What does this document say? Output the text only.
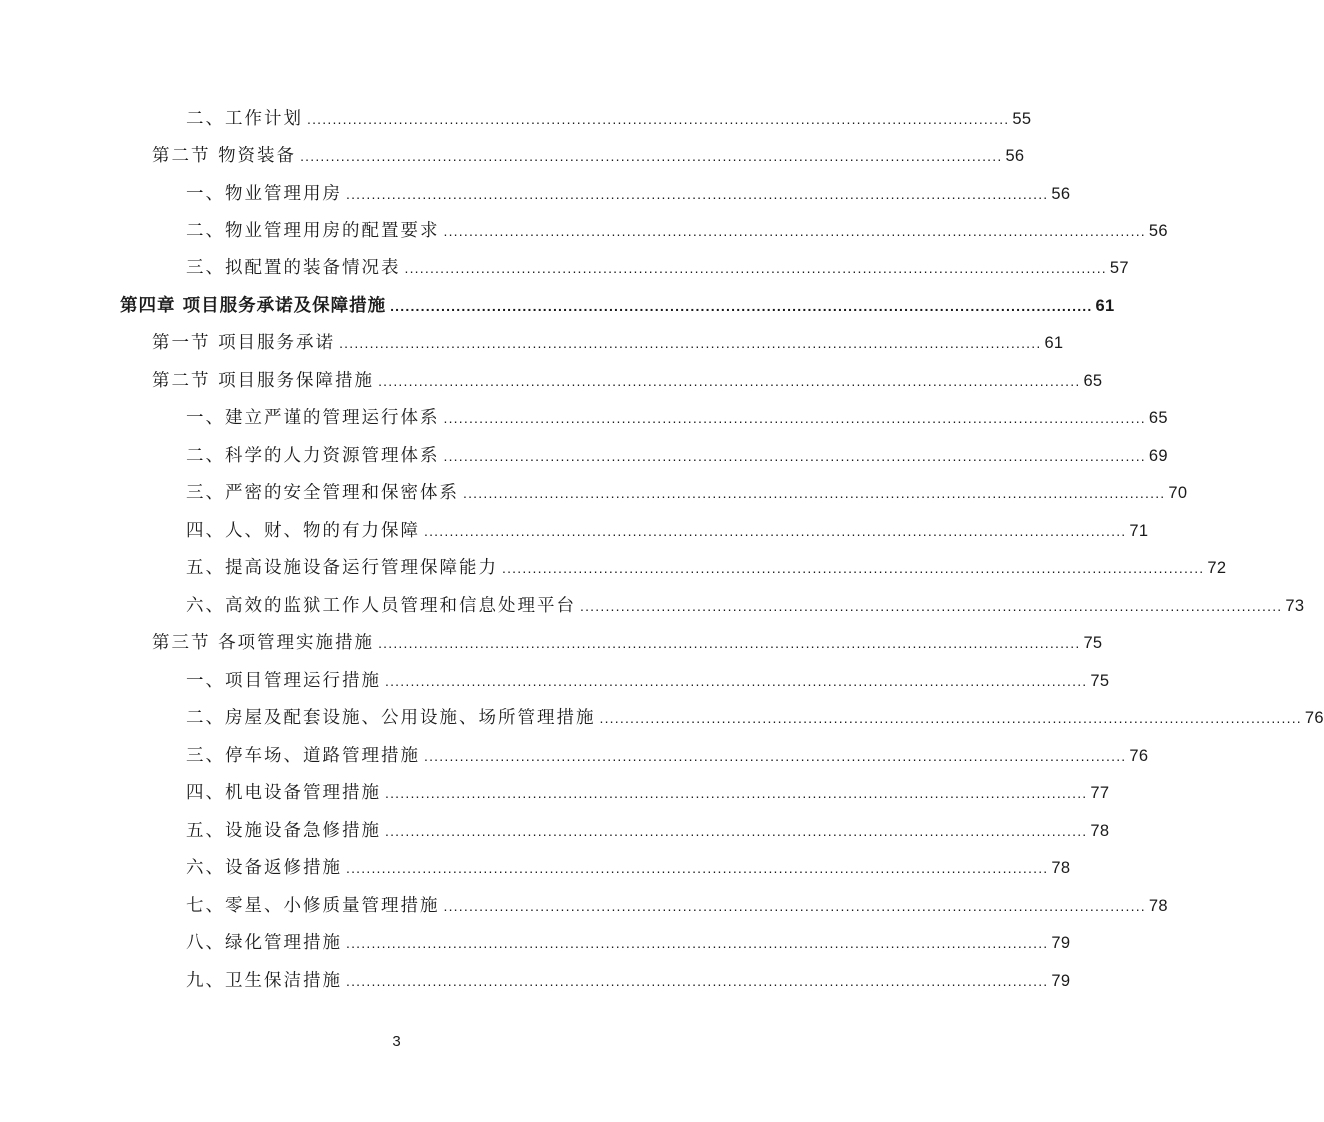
二、工作计划 .......................................................................................................................................... 55
第二节 物资装备 .......................................................................................................................................... 56
一、物业管理用房 .......................................................................................................................................... 56
二、物业管理用房的配置要求 .......................................................................................................................................... 56
三、拟配置的装备情况表 .......................................................................................................................................... 57
第四章 项目服务承诺及保障措施 .......................................................................................................................................... 61
第一节 项目服务承诺 .......................................................................................................................................... 61
第二节 项目服务保障措施 .......................................................................................................................................... 65
一、建立严谨的管理运行体系 .......................................................................................................................................... 65
二、科学的人力资源管理体系 .......................................................................................................................................... 69
三、严密的安全管理和保密体系 .......................................................................................................................................... 70
四、人、财、物的有力保障 .......................................................................................................................................... 71
五、提高设施设备运行管理保障能力 .......................................................................................................................................... 72
六、高效的监狱工作人员管理和信息处理平台 .......................................................................................................................................... 73
第三节 各项管理实施措施 .......................................................................................................................................... 75
一、项目管理运行措施 .......................................................................................................................................... 75
二、房屋及配套设施、公用设施、场所管理措施 .......................................................................................................................................... 76
三、停车场、道路管理措施 .......................................................................................................................................... 76
四、机电设备管理措施 .......................................................................................................................................... 77
五、设施设备急修措施 .......................................................................................................................................... 78
六、设备返修措施 .......................................................................................................................................... 78
七、零星、小修质量管理措施 .......................................................................................................................................... 78
八、绿化管理措施 .......................................................................................................................................... 79
九、卫生保洁措施 .......................................................................................................................................... 79
3
